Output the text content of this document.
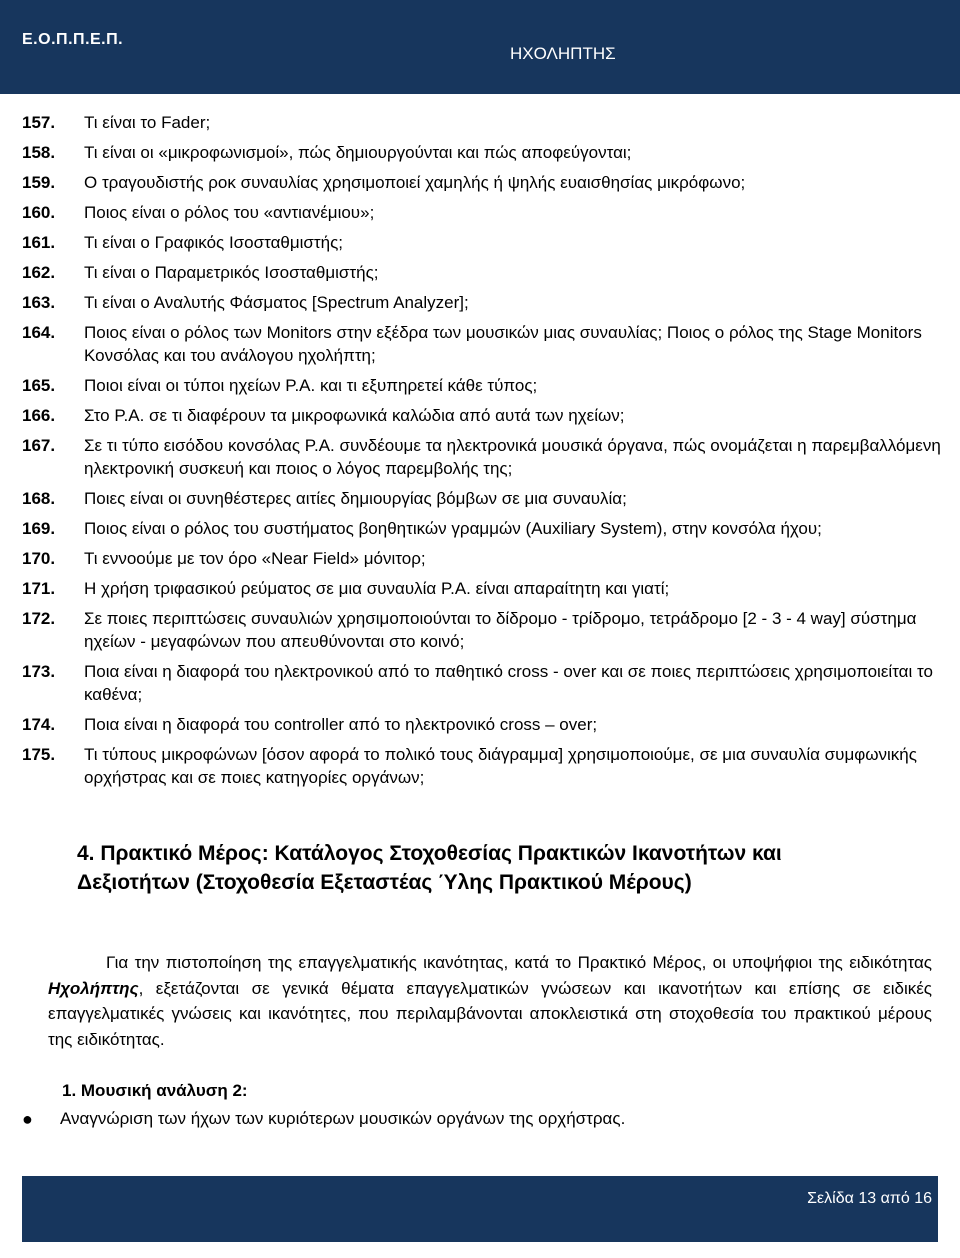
Ε.Ο.Π.Π.Ε.Π.
ΗΧΟΛΗΠΤΗΣ
157.	Τι είναι το Fader;
158.	Τι είναι οι «μικροφωνισμοί», πώς δημιουργούνται και πώς αποφεύγονται;
159.	Ο τραγουδιστής ροκ συναυλίας χρησιμοποιεί χαμηλής ή ψηλής ευαισθησίας μικρόφωνο;
160.	Ποιος είναι ο ρόλος του «αντιανέμιου»;
161.	Τι είναι ο Γραφικός Ισοσταθμιστής;
162.	Τι είναι ο Παραμετρικός Ισοσταθμιστής;
163.	Τι είναι ο Αναλυτής Φάσματος [Spectrum Analyzer];
164.	Ποιος είναι ο ρόλος των Monitors στην εξέδρα των μουσικών μιας συναυλίας; Ποιος ο ρόλος της Stage Monitors Κονσόλας και του ανάλογου ηχολήπτη;
165.	Ποιοι είναι οι τύποι ηχείων Ρ.Α. και τι εξυπηρετεί κάθε τύπος;
166.	Στο Ρ.Α. σε τι διαφέρουν τα μικροφωνικά καλώδια από αυτά των ηχείων;
167.	Σε τι τύπο εισόδου κονσόλας Ρ.Α. συνδέουμε τα ηλεκτρονικά μουσικά όργανα, πώς ονομάζεται η παρεμβαλλόμενη ηλεκτρονική συσκευή και ποιος ο λόγος παρεμβολής της;
168.	Ποιες είναι οι συνηθέστερες αιτίες δημιουργίας βόμβων σε μια συναυλία;
169.	Ποιος είναι ο ρόλος του συστήματος βοηθητικών γραμμών (Auxiliary System), στην κονσόλα ήχου;
170.	Τι εννοούμε με τον όρο «Near Field» μόνιτορ;
171.	Η χρήση τριφασικού ρεύματος σε μια συναυλία Ρ.Α. είναι απαραίτητη και γιατί;
172.	Σε ποιες περιπτώσεις συναυλιών χρησιμοποιούνται το δίδρομο - τρίδρομο, τετράδρομο [2 - 3 - 4 way] σύστημα ηχείων - μεγαφώνων που απευθύνονται στο κοινό;
173.	Ποια είναι η διαφορά του ηλεκτρονικού από το παθητικό cross - over και σε ποιες περιπτώσεις χρησιμοποιείται το καθένα;
174.	Ποια είναι η διαφορά του controller από το ηλεκτρονικό cross – over;
175.	Τι τύπους μικροφώνων [όσον αφορά το πολικό τους διάγραμμα] χρησιμοποιούμε, σε μια συναυλία συμφωνικής ορχήστρας και σε ποιες κατηγορίες οργάνων;
4. Πρακτικό Μέρος: Κατάλογος Στοχοθεσίας Πρακτικών Ικανοτήτων και Δεξιοτήτων (Στοχοθεσία Εξεταστέας Ύλης Πρακτικού Μέρους)
Για την πιστοποίηση της επαγγελματικής ικανότητας, κατά το Πρακτικό Μέρος, οι υποψήφιοι της ειδικότητας Ηχολήπτης, εξετάζονται σε γενικά θέματα επαγγελματικών γνώσεων και ικανοτήτων και επίσης σε ειδικές επαγγελματικές γνώσεις και ικανότητες, που περιλαμβάνονται αποκλειστικά στη στοχοθεσία του πρακτικού μέρους της ειδικότητας.
1. Μουσική ανάλυση 2:
●	Αναγνώριση των ήχων των κυριότερων μουσικών οργάνων της ορχήστρας.
Σελίδα 13 από 16
